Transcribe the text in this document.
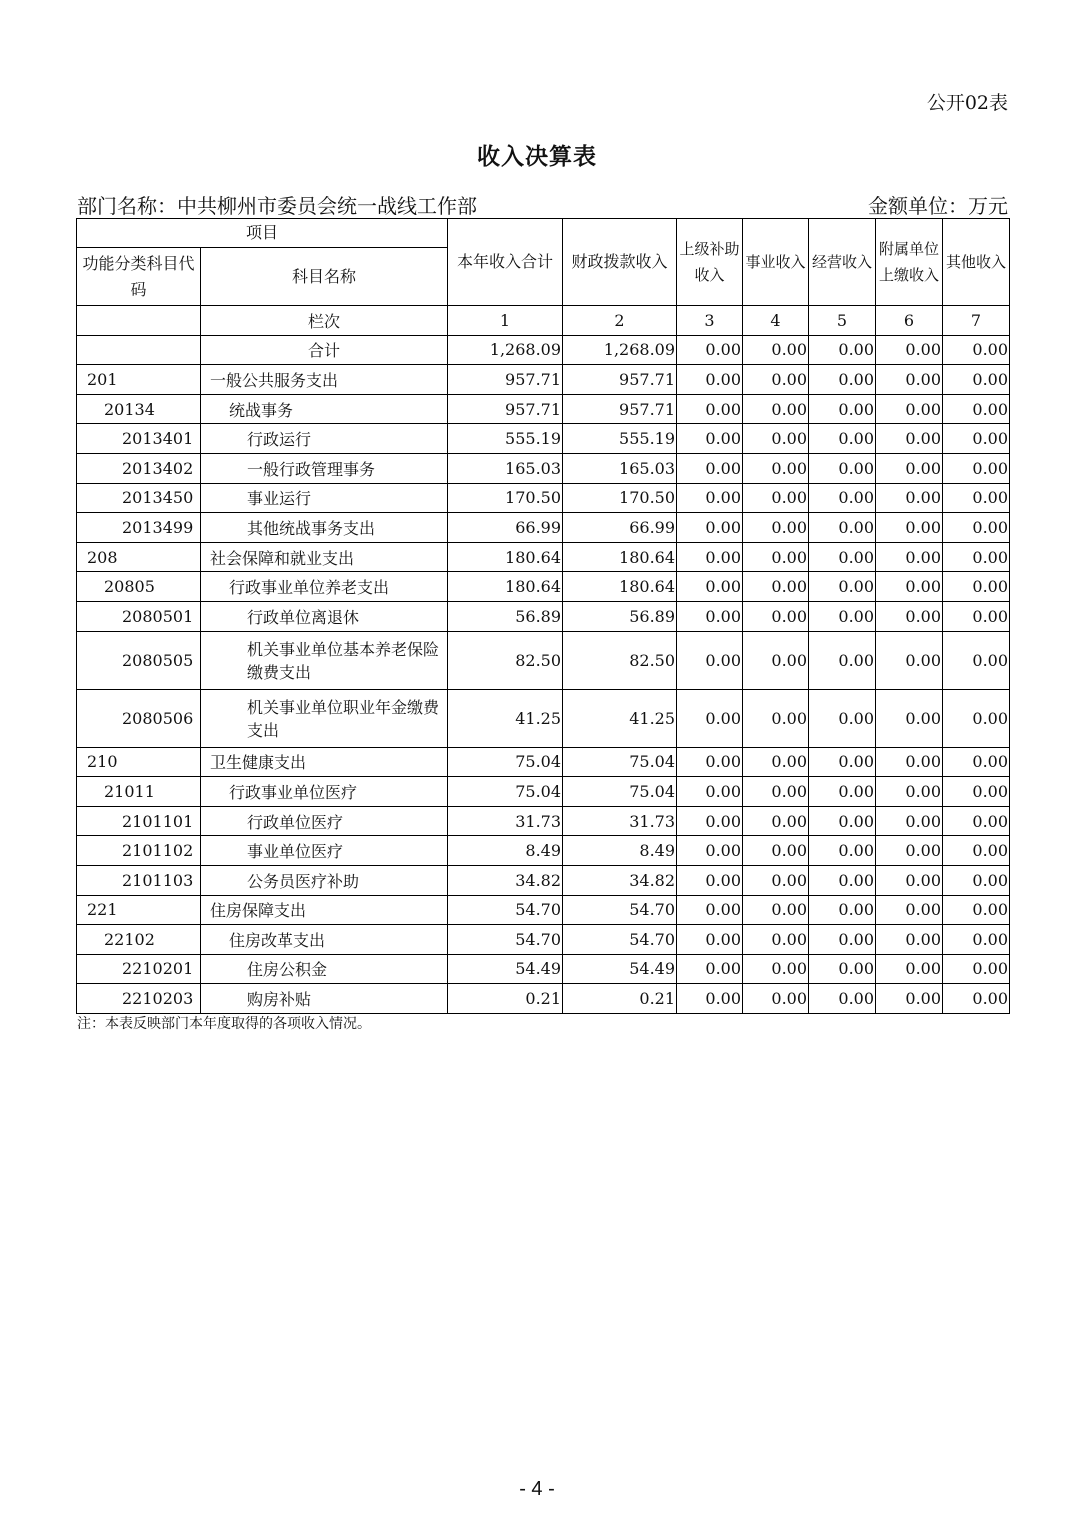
公开02表
收入决算表
部门名称：中共柳州市委员会统一战线工作部	金额单位：万元
项目		本年收入合计	财政拨款收入	上级补助收入	事业收入	经营收入	附属单位上缴收入	其他收入
功能分类科目代码	科目名称							
	栏次	1	2	3	4	5	6	7
	合计	1,268.09	1,268.09	0.00	0.00	0.00	0.00	0.00
201	一般公共服务支出	957.71	957.71	0.00	0.00	0.00	0.00	0.00
20134	统战事务	957.71	957.71	0.00	0.00	0.00	0.00	0.00
2013401	行政运行	555.19	555.19	0.00	0.00	0.00	0.00	0.00
2013402	一般行政管理事务	165.03	165.03	0.00	0.00	0.00	0.00	0.00
2013450	事业运行	170.50	170.50	0.00	0.00	0.00	0.00	0.00
2013499	其他统战事务支出	66.99	66.99	0.00	0.00	0.00	0.00	0.00
208	社会保障和就业支出	180.64	180.64	0.00	0.00	0.00	0.00	0.00
20805	行政事业单位养老支出	180.64	180.64	0.00	0.00	0.00	0.00	0.00
2080501	行政单位离退休	56.89	56.89	0.00	0.00	0.00	0.00	0.00
2080505	机关事业单位基本养老保险缴费支出	82.50	82.50	0.00	0.00	0.00	0.00	0.00
2080506	机关事业单位职业年金缴费支出	41.25	41.25	0.00	0.00	0.00	0.00	0.00
210	卫生健康支出	75.04	75.04	0.00	0.00	0.00	0.00	0.00
21011	行政事业单位医疗	75.04	75.04	0.00	0.00	0.00	0.00	0.00
2101101	行政单位医疗	31.73	31.73	0.00	0.00	0.00	0.00	0.00
2101102	事业单位医疗	8.49	8.49	0.00	0.00	0.00	0.00	0.00
2101103	公务员医疗补助	34.82	34.82	0.00	0.00	0.00	0.00	0.00
221	住房保障支出	54.70	54.70	0.00	0.00	0.00	0.00	0.00
22102	住房改革支出	54.70	54.70	0.00	0.00	0.00	0.00	0.00
2210201	住房公积金	54.49	54.49	0.00	0.00	0.00	0.00	0.00
2210203	购房补贴	0.21	0.21	0.00	0.00	0.00	0.00	0.00
注：本表反映部门本年度取得的各项收入情况。
- 4 -
